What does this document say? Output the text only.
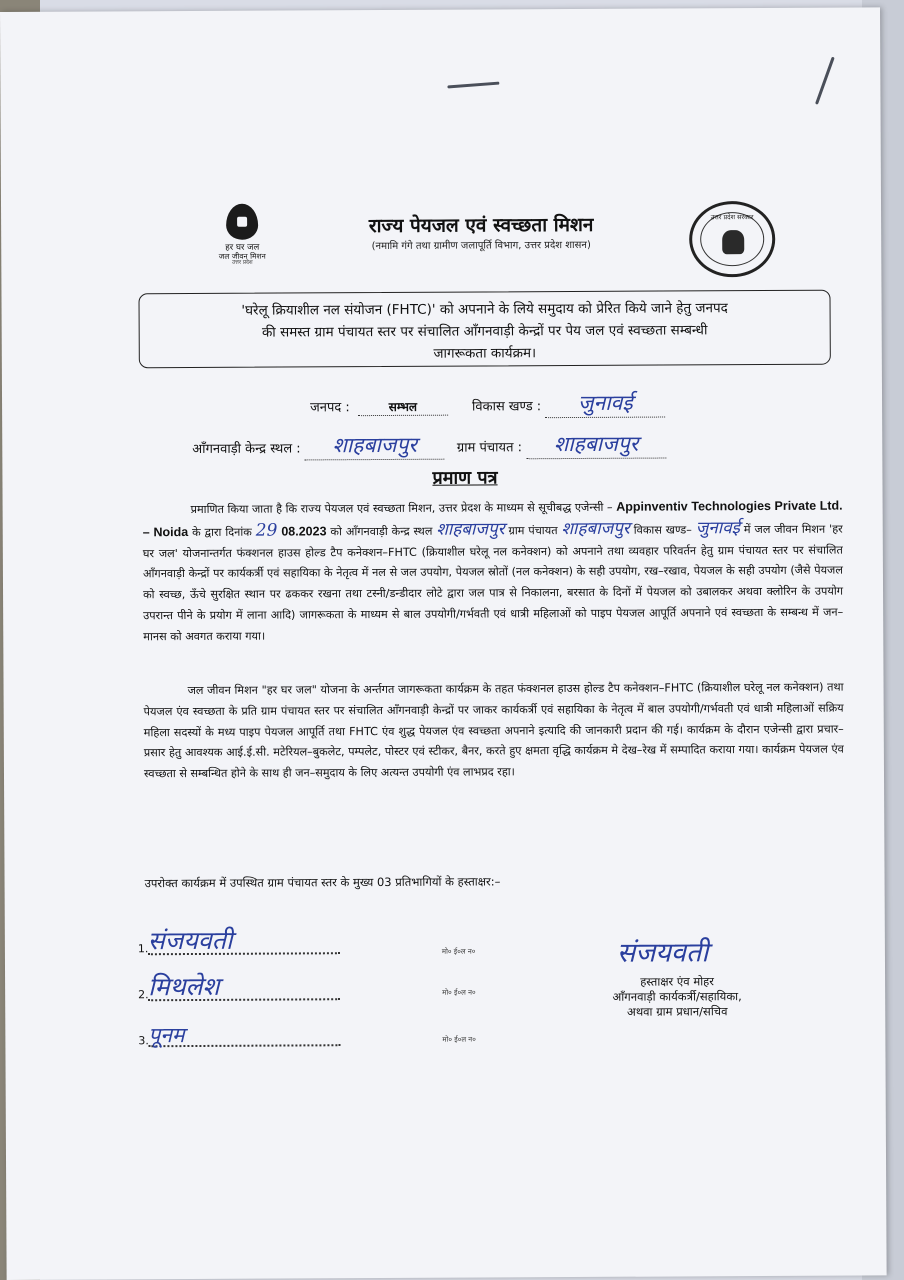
हर घर जल
जल जीवन मिशन
उत्तर प्रदेश
राज्य पेयजल एवं स्वच्छता मिशन
(नमामि गंगे तथा ग्रामीण जलापूर्ति विभाग, उत्तर प्रदेश शासन)
उत्तर प्रदेश सरकार
'घरेलू क्रियाशील नल संयोजन (FHTC)' को अपनाने के लिये समुदाय को प्रेरित किये जाने हेतु जनपद
की समस्त ग्राम पंचायत स्तर पर संचालित आँगनवाड़ी केन्द्रों पर पेय जल एवं स्वच्छता सम्बन्धी
जागरूकता कार्यक्रम।
जनपद :	सम्भल	विकास खण्ड : जुनावई
आँगनवाड़ी केन्द्र स्थल : शाहबाजपुर	ग्राम पंचायत : शाहबाजपुर
प्रमाण पत्र
प्रमाणित किया जाता है कि राज्य पेयजल एवं स्वच्छता मिशन, उत्तर प्रेदश के माध्यम से सूचीबद्ध एजेन्सी – Appinventiv Technologies Private Ltd. – Noida के द्वारा दिनांक 29 08.2023 को आँगनवाड़ी केन्द्र स्थल शाहबाजपुर ग्राम पंचायत शाहबाजपुर विकास खण्ड– जुनावई में जल जीवन मिशन 'हर घर जल' योजनान्तर्गत फंक्शनल हाउस होल्ड टैप कनेक्शन–FHTC (क्रियाशील घरेलू नल कनेक्शन) को अपनाने तथा व्यवहार परिवर्तन हेतु ग्राम पंचायत स्तर पर संचालित आँगनवाड़ी केन्द्रों पर कार्यकर्त्री एवं सहायिका के नेतृत्व में नल से जल उपयोग, पेयजल स्रोतों (नल कनेक्शन) के सही उपयोग, रख–रखाव, पेयजल के सही उपयोग (जैसे पेयजल को स्वच्छ, ऊँचे सुरक्षित स्थान पर ढककर रखना तथा टस्नी/डन्डीदार लोटे द्वारा जल पात्र से निकालना, बरसात के दिनों में पेयजल को उबालकर अथवा क्लोरिन के उपयोग उपरान्त पीने के प्रयोग में लाना आदि) जागरूकता के माध्यम से बाल उपयोगी/गर्भवती एवं धात्री महिलाओं को पाइप पेयजल आपूर्ति अपनाने एवं स्वच्छता के सम्बन्ध में जन–मानस को अवगत कराया गया।
जल जीवन मिशन "हर घर जल" योजना के अर्न्तगत जागरूकता कार्यक्रम के तहत फंक्शनल हाउस होल्ड टैप कनेक्शन–FHTC (क्रियाशील घरेलू नल कनेक्शन) तथा पेयजल एंव स्वच्छता के प्रति ग्राम पंचायत स्तर पर संचालित आँगनवाड़ी केन्द्रों पर जाकर कार्यकर्त्री एवं सहायिका के नेतृत्व में बाल उपयोगी/गर्भवती एवं धात्री महिलाओं सक्रिय महिला सदस्यों के मध्य पाइप पेयजल आपूर्ति तथा FHTC एंव शुद्ध पेयजल एंव स्वच्छता अपनाने इत्यादि की जानकारी प्रदान की गई। कार्यक्रम के दौरान एजेन्सी द्वारा प्रचार–प्रसार हेतु आवश्यक आई.ई.सी. मटेरियल–बुकलेट, पम्पलेट, पोस्टर एवं स्टीकर, बैनर, करते हुए क्षमता वृद्धि कार्यक्रम मे देख–रेख में सम्पादित कराया गया। कार्यक्रम पेयजल एंव स्वच्छता से सम्बन्धित होने के साथ ही जन–समुदाय के लिए अत्यन्त उपयोगी एंव लाभप्रद रहा।
उपरोक्त कार्यक्रम में उपस्थित ग्राम पंचायत स्तर के मुख्य 03 प्रतिभागियों के हस्ताक्षर:–
1. संजयवती	मो० ई०ल न०
2. मिथलेश	मो० ई०ल न०
3. पूनम	मो० ई०ल न०
संजयवती
हस्ताक्षर एंव मोहर
आँगनवाड़ी कार्यकर्त्री/सहायिका,
अथवा ग्राम प्रधान/सचिव
